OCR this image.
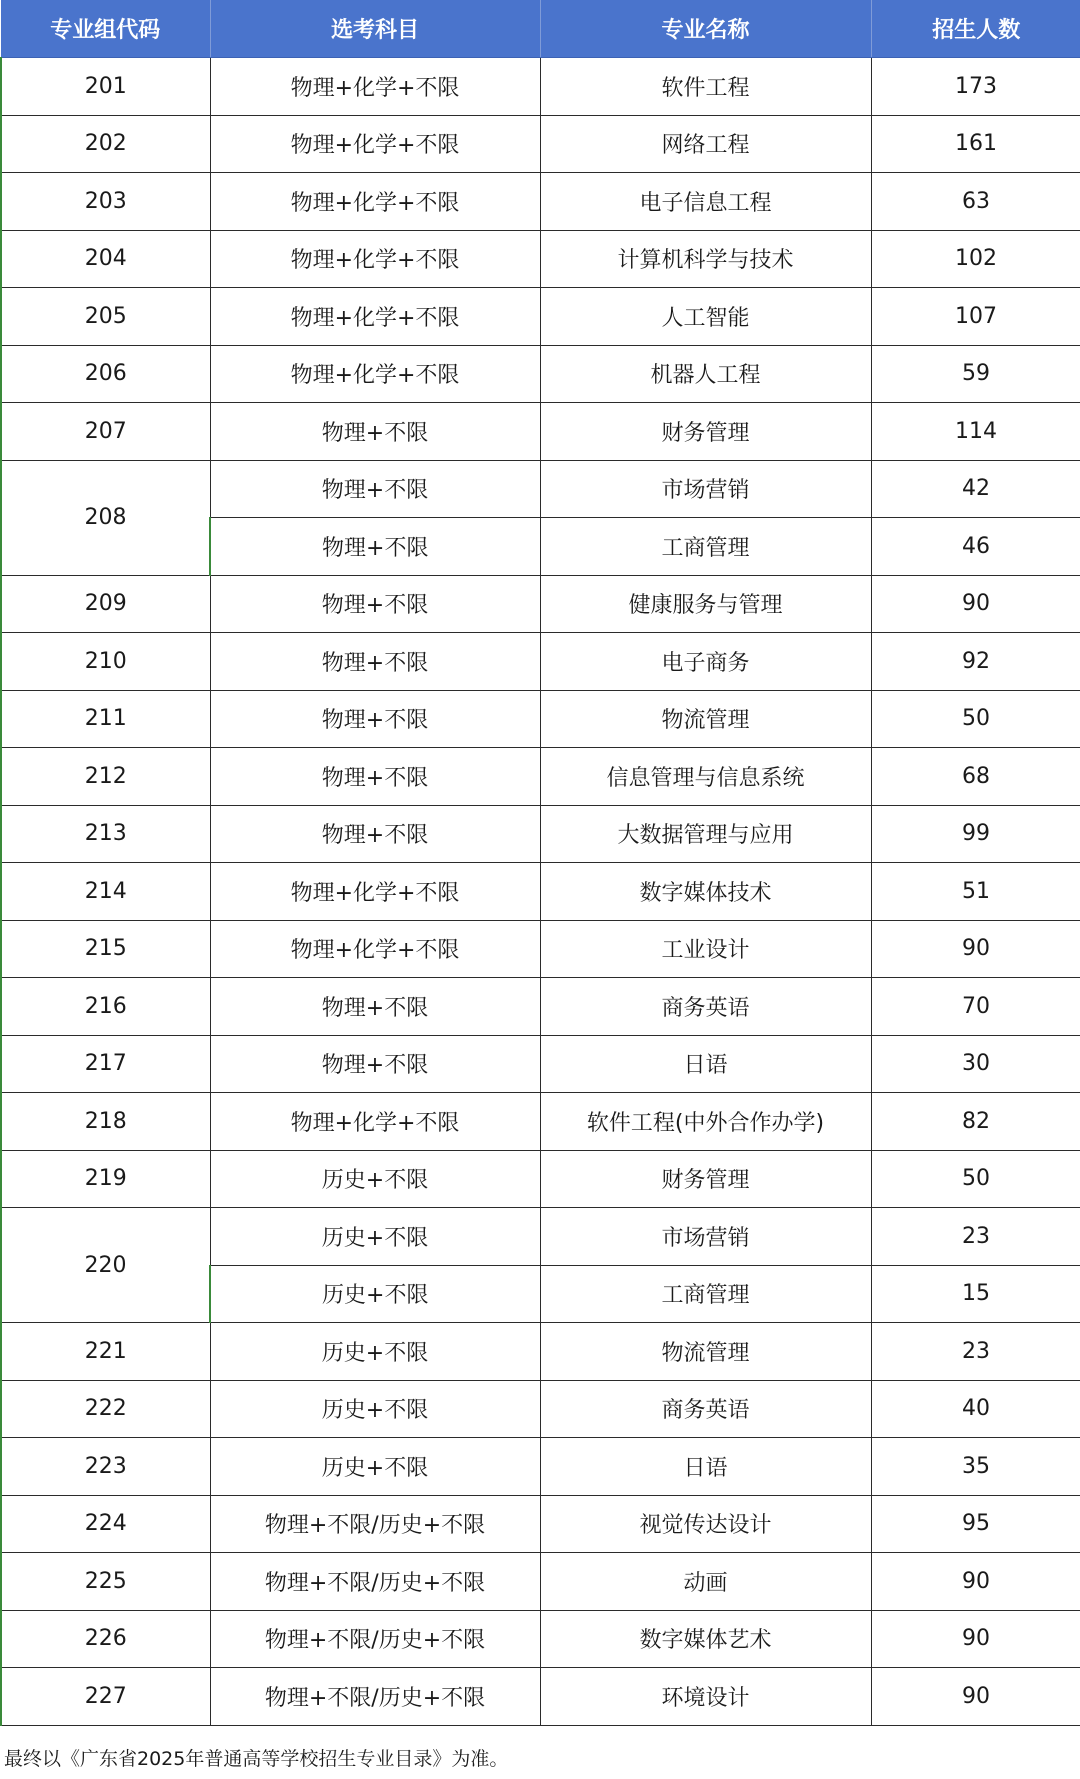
专业组代码	选考科目	专业名称	招生人数
201	物理+化学+不限	软件工程	173
202	物理+化学+不限	网络工程	161
203	物理+化学+不限	电子信息工程	63
204	物理+化学+不限	计算机科学与技术	102
205	物理+化学+不限	人工智能	107
206	物理+化学+不限	机器人工程	59
207	物理+不限	财务管理	114
208	物理+不限	市场营销	42
	物理+不限	工商管理	46
209	物理+不限	健康服务与管理	90
210	物理+不限	电子商务	92
211	物理+不限	物流管理	50
212	物理+不限	信息管理与信息系统	68
213	物理+不限	大数据管理与应用	99
214	物理+化学+不限	数字媒体技术	51
215	物理+化学+不限	工业设计	90
216	物理+不限	商务英语	70
217	物理+不限	日语	30
218	物理+化学+不限	软件工程(中外合作办学)	82
219	历史+不限	财务管理	50
220	历史+不限	市场营销	23
	历史+不限	工商管理	15
221	历史+不限	物流管理	23
222	历史+不限	商务英语	40
223	历史+不限	日语	35
224	物理+不限/历史+不限	视觉传达设计	95
225	物理+不限/历史+不限	动画	90
226	物理+不限/历史+不限	数字媒体艺术	90
227	物理+不限/历史+不限	环境设计	90
最终以《广东省2025年普通高等学校招生专业目录》为准。
